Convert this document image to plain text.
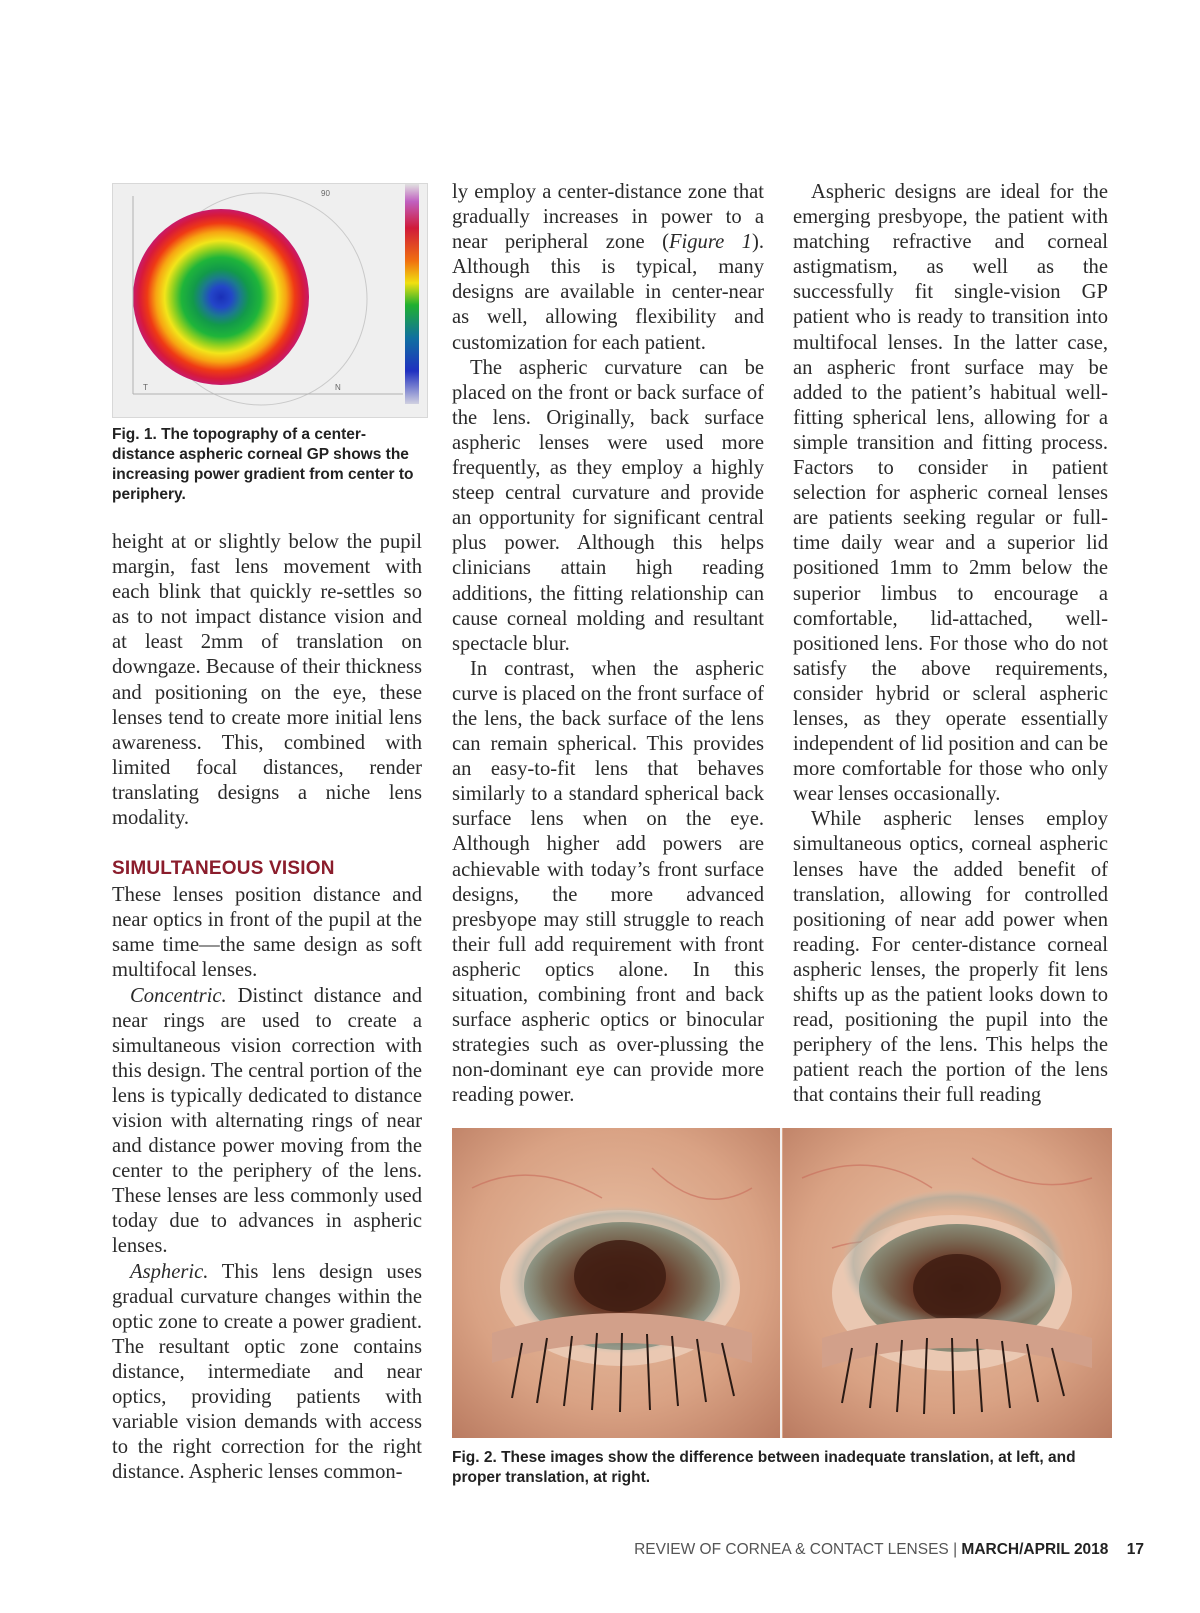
90
T	N
Fig. 1. The topography of a center-distance aspheric corneal GP shows the increasing power gradient from center to periphery.

height at or slightly below the pupil margin, fast lens movement with each blink that quickly re-settles so as to not impact distance vision and at least 2mm of translation on downgaze. Because of their thickness and positioning on the eye, these lenses tend to create more initial lens awareness. This, combined with limited focal distances, render translating designs a niche lens modality.

SIMULTANEOUS VISION

These lenses position distance and near optics in front of the pupil at the same time—the same design as soft multifocal lenses.

Concentric. Distinct distance and near rings are used to create a simultaneous vision correction with this design. The central portion of the lens is typically dedicated to distance vision with alternating rings of near and distance power moving from the center to the periphery of the lens. These lenses are less commonly used today due to advances in aspheric lenses.

Aspheric. This lens design uses gradual curvature changes within the optic zone to create a power gradient. The resultant optic zone contains distance, intermediate and near optics, providing patients with variable vision demands with access to the right correction for the right distance. Aspheric lenses common-

ly employ a center-distance zone that gradually increases in power to a near peripheral zone (Figure 1). Although this is typical, many designs are available in center-near as well, allowing flexibility and customization for each patient.

The aspheric curvature can be placed on the front or back surface of the lens. Originally, back surface aspheric lenses were used more frequently, as they employ a highly steep central curvature and provide an opportunity for significant central plus power. Although this helps clinicians attain high reading additions, the fitting relationship can cause corneal molding and resultant spectacle blur.

In contrast, when the aspheric curve is placed on the front surface of the lens, the back surface of the lens can remain spherical. This provides an easy-to-fit lens that behaves similarly to a standard spherical back surface lens when on the eye. Although higher add powers are achievable with today’s front surface designs, the more advanced presbyope may still struggle to reach their full add requirement with front aspheric optics alone. In this situation, combining front and back surface aspheric optics or binocular strategies such as over-plussing the non-dominant eye can provide more reading power.

Aspheric designs are ideal for the emerging presbyope, the patient with matching refractive and corneal astigmatism, as well as the successfully fit single-vision GP patient who is ready to transition into multifocal lenses. In the latter case, an aspheric front surface may be added to the patient’s habitual well-fitting spherical lens, allowing for a simple transition and fitting process. Factors to consider in patient selection for aspheric corneal lenses are patients seeking regular or full-time daily wear and a superior lid positioned 1mm to 2mm below the superior limbus to encourage a comfortable, lid-attached, well-positioned lens. For those who do not satisfy the above requirements, consider hybrid or scleral aspheric lenses, as they operate essentially independent of lid position and can be more comfortable for those who only wear lenses occasionally.

While aspheric lenses employ simultaneous optics, corneal aspheric lenses have the added benefit of translation, allowing for controlled positioning of near add power when reading. For center-distance corneal aspheric lenses, the properly fit lens shifts up as the patient looks down to read, positioning the pupil into the periphery of the lens. This helps the patient reach the portion of the lens that contains their full reading

Fig. 2. These images show the difference between inadequate translation, at left, and proper translation, at right.
REVIEW OF CORNEA & CONTACT LENSES | MARCH/APRIL 2018 17
